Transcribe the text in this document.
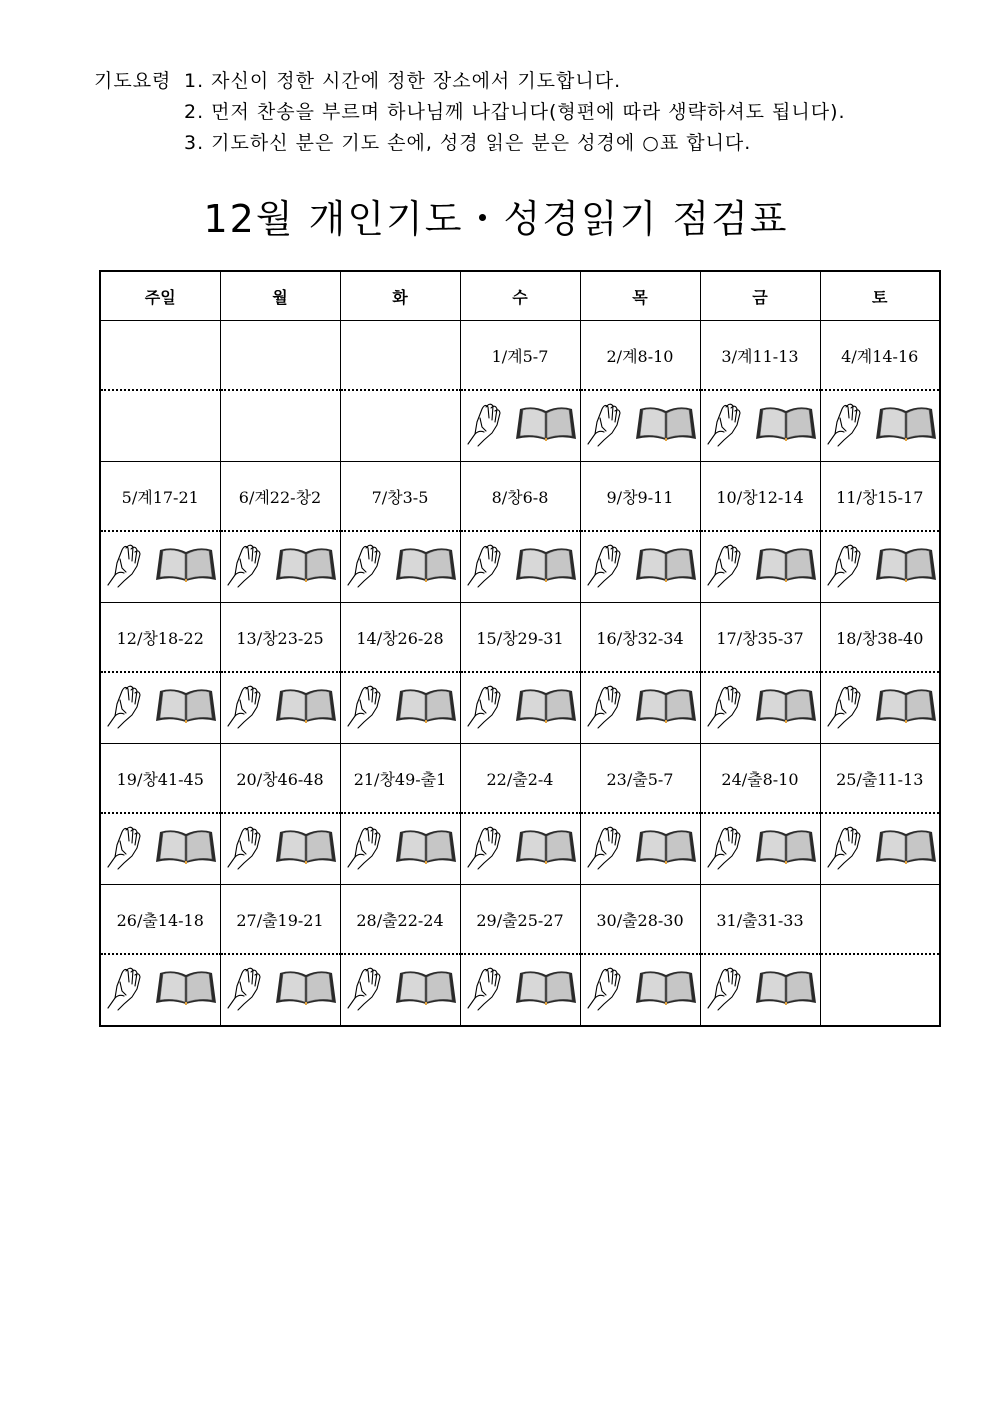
기도요령 1. 자신이 정한 시간에 정한 장소에서 기도합니다.
2. 먼저 찬송을 부르며 하나님께 나갑니다(형편에 따라 생략하셔도 됩니다).
3. 기도하신 분은 기도 손에, 성경 읽은 분은 성경에 ○표 합니다.
12월 개인기도・성경읽기 점검표
주일	월	화	수	목	금	토
			1/계5-7	2/계8-10	3/계11-13	4/계14-16

5/계17-21	6/계22-창2	7/창3-5	8/창6-8	9/창9-11	10/창12-14	11/창15-17

12/창18-22	13/창23-25	14/창26-28	15/창29-31	16/창32-34	17/창35-37	18/창38-40

19/창41-45	20/창46-48	21/창49-출1	22/출2-4	23/출5-7	24/출8-10	25/출11-13

26/출14-18	27/출19-21	28/출22-24	29/출25-27	30/출28-30	31/출31-33	
